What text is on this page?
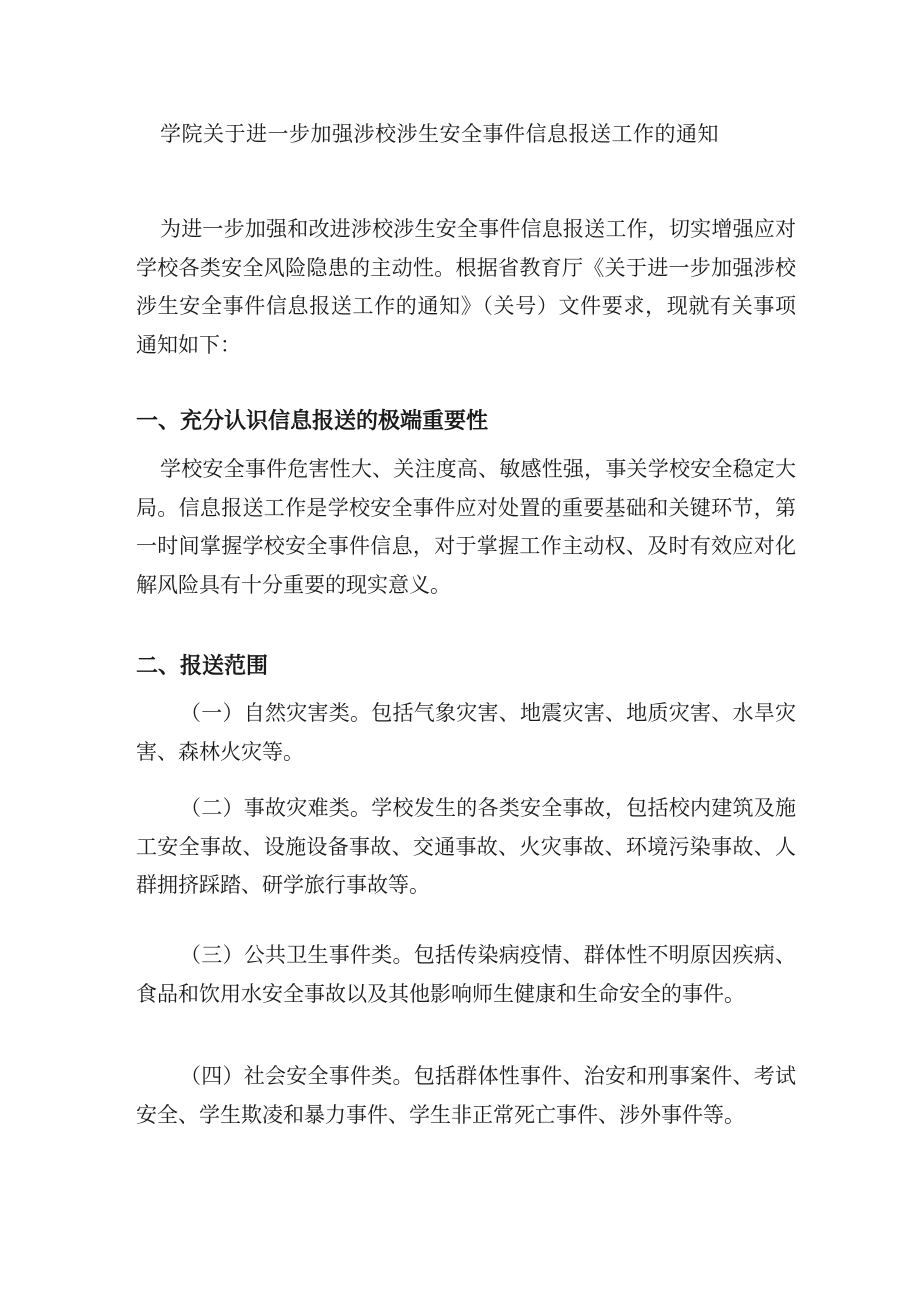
学院关于进一步加强涉校涉生安全事件信息报送工作的通知

为进一步加强和改进涉校涉生安全事件信息报送工作，切实增强应对学校各类安全风险隐患的主动性。根据省教育厅《关于进一步加强涉校涉生安全事件信息报送工作的通知》（关号）文件要求，现就有关事项通知如下：

一、充分认识信息报送的极端重要性

学校安全事件危害性大、关注度高、敏感性强，事关学校安全稳定大局。信息报送工作是学校安全事件应对处置的重要基础和关键环节，第一时间掌握学校安全事件信息，对于掌握工作主动权、及时有效应对化解风险具有十分重要的现实意义。

二、报送范围

（一）自然灾害类。包括气象灾害、地震灾害、地质灾害、水旱灾害、森林火灾等。

（二）事故灾难类。学校发生的各类安全事故，包括校内建筑及施工安全事故、设施设备事故、交通事故、火灾事故、环境污染事故、人群拥挤踩踏、研学旅行事故等。

（三）公共卫生事件类。包括传染病疫情、群体性不明原因疾病、食品和饮用水安全事故以及其他影响师生健康和生命安全的事件。

（四）社会安全事件类。包括群体性事件、治安和刑事案件、考试安全、学生欺凌和暴力事件、学生非正常死亡事件、涉外事件等。
